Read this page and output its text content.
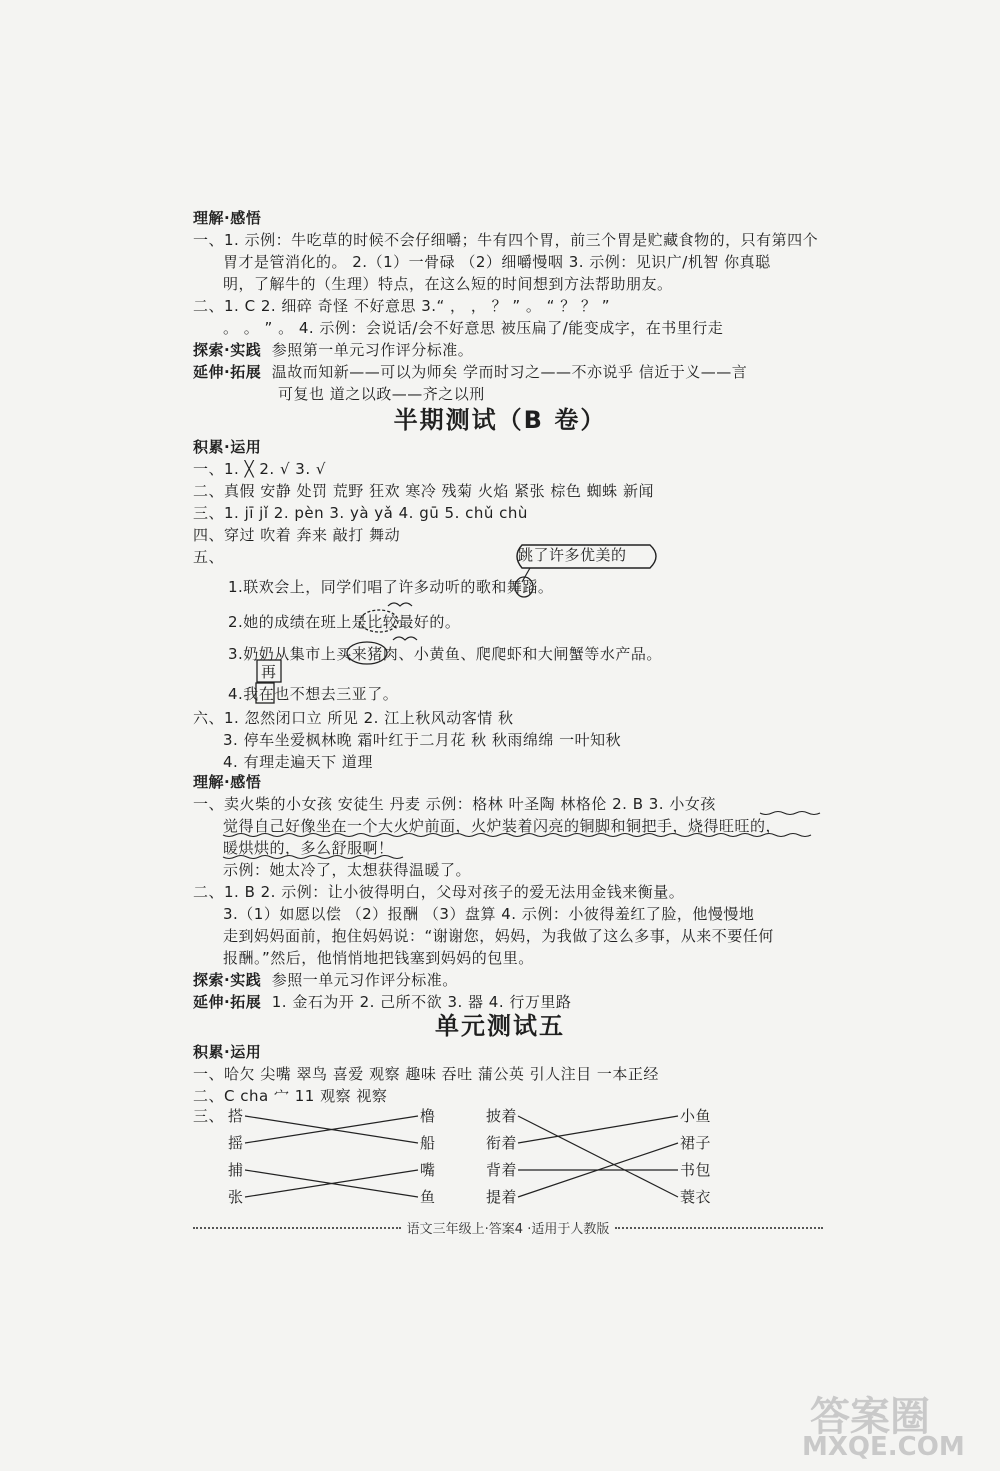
理解·感悟
一、1. 示例：牛吃草的时候不会仔细嚼；牛有四个胃，前三个胃是贮藏食物的，只有第四个
胃才是管消化的。 2.（1）一骨碌 （2）细嚼慢咽 3. 示例：见识广/机智 你真聪
明，了解牛的（生理）特点，在这么短的时间想到方法帮助朋友。
二、1. C 2. 细碎 奇怪 不好意思 3.“ ， ， ？ ” 。 “ ？ ？ ”
。 。 ” 。 4. 示例：会说话/会不好意思 被压扁了/能变成字，在书里行走
探索·实践 参照第一单元习作评分标准。
延伸·拓展 温故而知新——可以为师矣 学而时习之——不亦说乎 信近于义——言
可复也 道之以政——齐之以刑
半期测试（B 卷）
积累·运用
一、1. ╳ 2. √ 3. √
二、真假 安静 处罚 荒野 狂欢 寒冷 残菊 火焰 紧张 棕色 蜘蛛 新闻
三、1. jī jǐ 2. pèn 3. yà yǎ 4. gū 5. chǔ chù
四、穿过 吹着 奔来 敲打 舞动
五、	跳了许多优美的
1.联欢会上，同学们唱了许多动听的歌和舞蹈。
2.她的成绩在班上是比较最好的。
3.奶奶从集市上买来猪肉、小黄鱼、爬爬虾和大闸蟹等水产品。
再
4.我在也不想去三亚了。
六、1. 忽然闭口立 所见 2. 江上秋风动客情 秋
3. 停车坐爱枫林晚 霜叶红于二月花 秋 秋雨绵绵 一叶知秋
4. 有理走遍天下 道理
理解·感悟
一、卖火柴的小女孩 安徒生 丹麦 示例：格林 叶圣陶 林格伦 2. B 3. 小女孩
觉得自己好像坐在一个大火炉前面，火炉装着闪亮的铜脚和铜把手，烧得旺旺的，
暖烘烘的，多么舒服啊！
示例：她太冷了，太想获得温暖了。
二、1. B 2. 示例：让小彼得明白，父母对孩子的爱无法用金钱来衡量。
3.（1）如愿以偿 （2）报酬 （3）盘算 4. 示例：小彼得羞红了脸，他慢慢地
走到妈妈面前，抱住妈妈说：“谢谢您，妈妈，为我做了这么多事，从来不要任何
报酬。”然后，他悄悄地把钱塞到妈妈的包里。
探索·实践 参照一单元习作评分标准。
延伸·拓展 1. 金石为开 2. 己所不欲 3. 器 4. 行万里路
单元测试五
积累·运用
一、哈欠 尖嘴 翠鸟 喜爱 观察 趣味 吞吐 蒲公英 引人注目 一本正经
二、C cha 宀 11 观察 视察
三、 搭
摇
捕
张
橹
船
嘴
鱼
披着
衔着
背着
提着
小鱼
裙子
书包
蓑衣
语文三年级上·答案4 ·适用于人教版
答案圈
MXQE.COM
